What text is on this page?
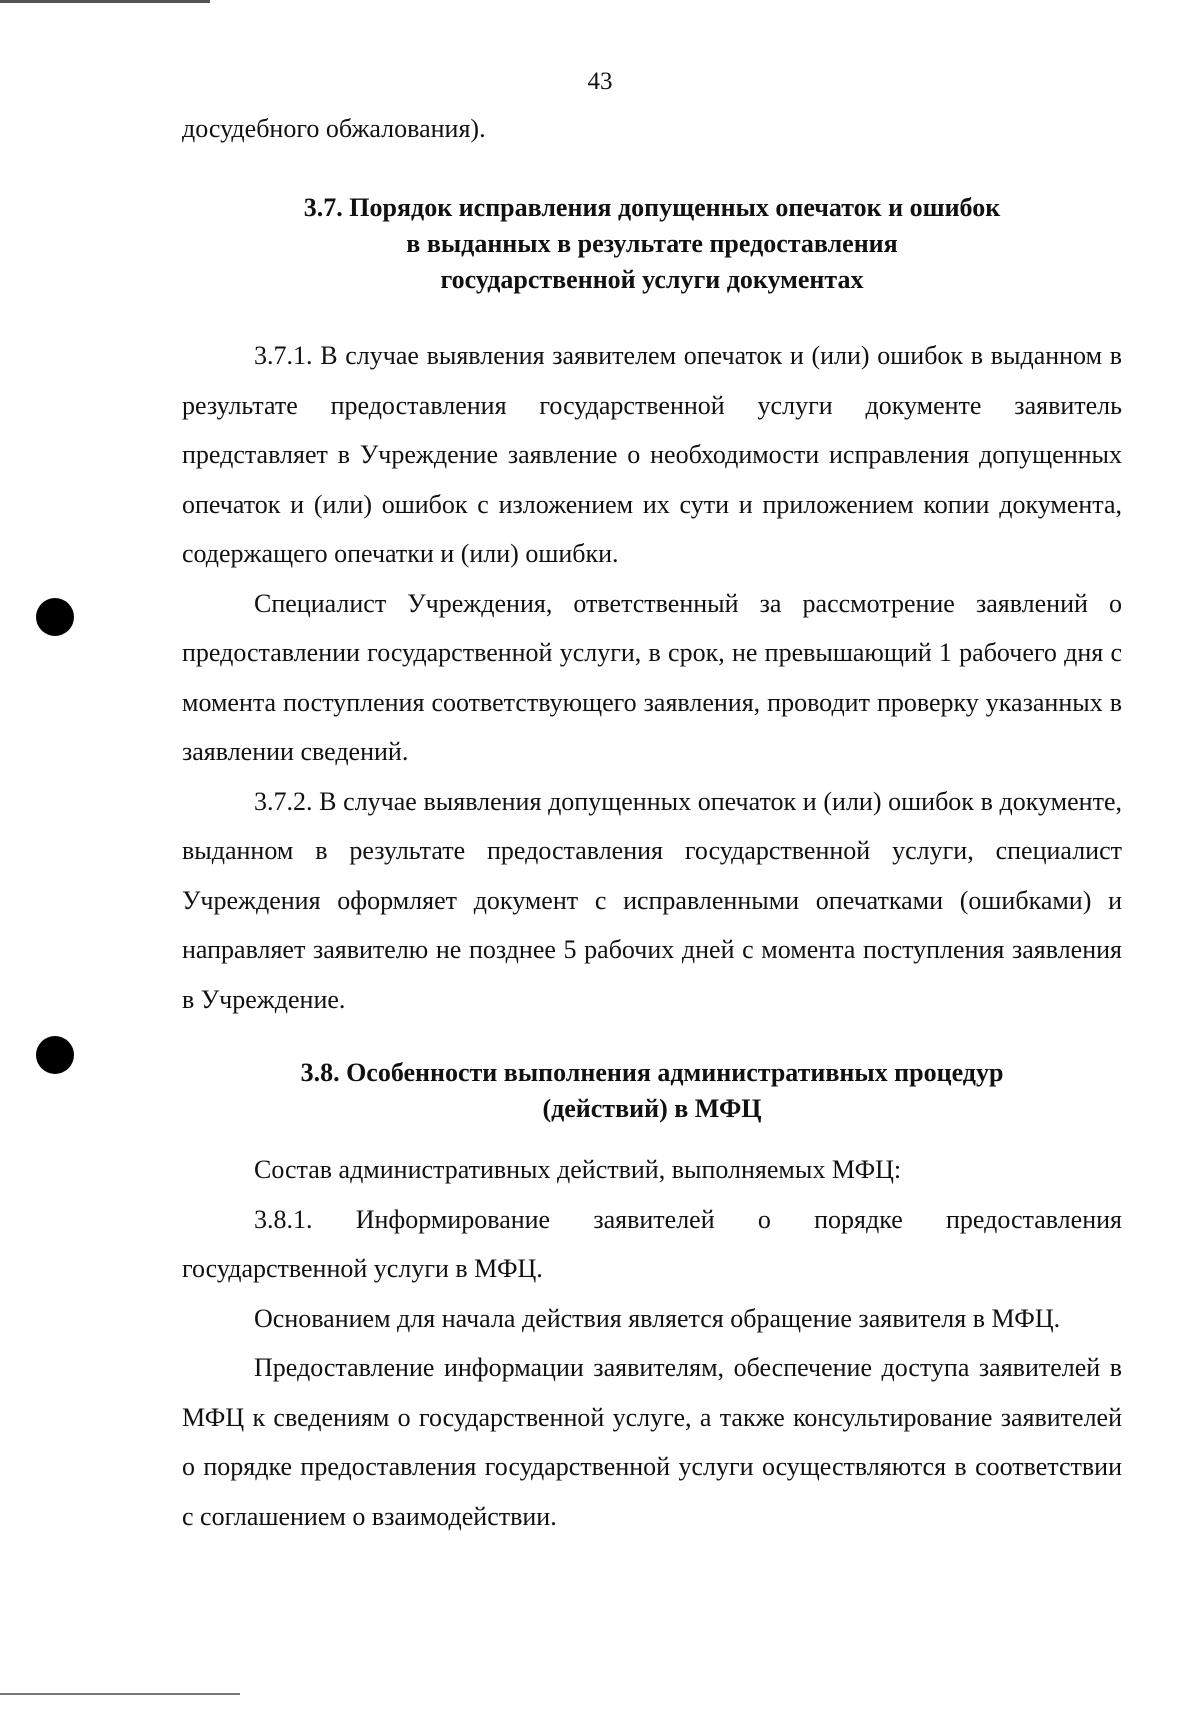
43

досудебного обжалования).

3.7. Порядок исправления допущенных опечаток и ошибок
в выданных в результате предоставления
государственной услуги документах

3.7.1. В случае выявления заявителем опечаток и (или) ошибок в выданном в результате предоставления государственной услуги документе заявитель представляет в Учреждение заявление о необходимости исправления допущенных опечаток и (или) ошибок с изложением их сути и приложением копии документа, содержащего опечатки и (или) ошибки.

Специалист Учреждения, ответственный за рассмотрение заявлений о предоставлении государственной услуги, в срок, не превышающий 1 рабочего дня с момента поступления соответствующего заявления, проводит проверку указанных в заявлении сведений.

3.7.2. В случае выявления допущенных опечаток и (или) ошибок в документе, выданном в результате предоставления государственной услуги, специалист Учреждения оформляет документ с исправленными опечатками (ошибками) и направляет заявителю не позднее 5 рабочих дней с момента поступления заявления в Учреждение.

3.8. Особенности выполнения административных процедур
(действий) в МФЦ

Состав административных действий, выполняемых МФЦ:

3.8.1. Информирование заявителей о порядке предоставления государственной услуги в МФЦ.

Основанием для начала действия является обращение заявителя в МФЦ.

Предоставление информации заявителям, обеспечение доступа заявителей в МФЦ к сведениям о государственной услуге, а также консультирование заявителей о порядке предоставления государственной услуги осуществляются в соответствии с соглашением о взаимодействии.
